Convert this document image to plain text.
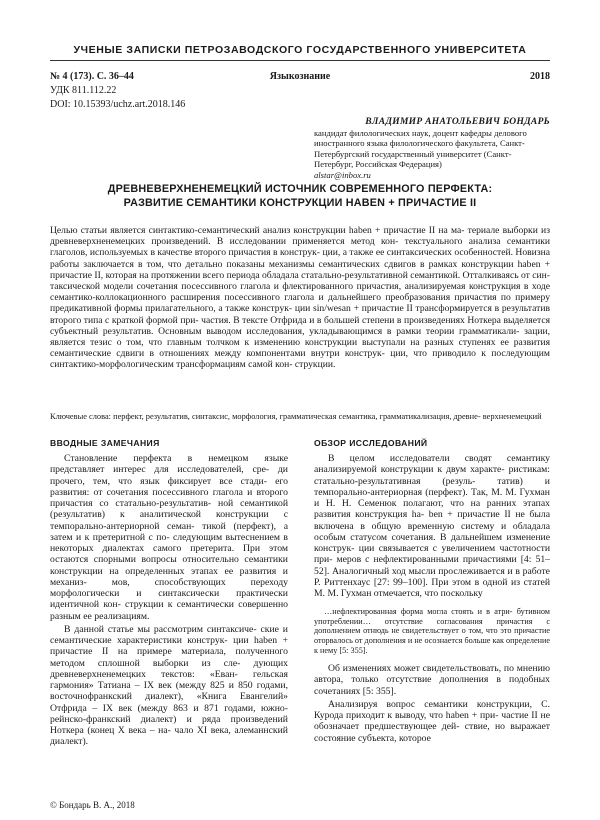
УЧЕНЫЕ ЗАПИСКИ ПЕТРОЗАВОДСКОГО ГОСУДАРСТВЕННОГО УНИВЕРСИТЕТА
№ 4 (173). С. 36–44	Языкознание	2018
УДК 811.112.22
DOI: 10.15393/uchz.art.2018.146
ВЛАДИМИР АНАТОЛЬЕВИЧ БОНДАРЬ
кандидат филологических наук, доцент кафедры делового
иностранного языка филологического факультета, Санкт-
Петербургский государственный университет (Санкт-
Петербург, Российская Федерация)
alstar@inbox.ru
ДРЕВНЕВЕРХНЕНЕМЕЦКИЙ ИСТОЧНИК СОВРЕМЕННОГО ПЕРФЕКТА:
РАЗВИТИЕ СЕМАНТИКИ КОНСТРУКЦИИ HABEN + ПРИЧАСТИЕ II

Целью статьи является синтактико-семантический анализ конструкции haben + причастие II на ма- териале выборки из древневерхненемецких произведений. В исследовании применяется метод кон- текстуального анализа семантики глаголов, используемых в качестве второго причастия в конструк- ции, а также ее синтаксических особенностей. Новизна работы заключается в том, что детально показаны механизмы семантических сдвигов в рамках конструкции haben + причастие II, которая на протяжении всего периода обладала статально-результативной семантикой. Отталкиваясь от син- таксической модели сочетания посессивного глагола и флектированного причастия, анализируемая конструкция в ходе семантико-коллокационного расширения посессивного глагола и дальнейшего преобразования причастия по примеру предикативной формы прилагательного, а также конструк- ции sin/wesan + причастие II трансформируется в результатив второго типа с краткой формой при- частия. В тексте Отфрида и в большей степени в произведениях Ноткера выделяется субъектный результатив. Основным выводом исследования, укладывающимся в рамки теории грамматикали- зации, является тезис о том, что главным толчком к изменению конструкции выступали на разных ступенях ее развития семантические сдвиги в отношениях между компонентами внутри конструк- ции, что приводило к последующим синтактико-морфологическим трансформациям самой кон- струкции.

Ключевые слова: перфект, результатив, синтаксис, морфология, грамматическая семантика, грамматикализация, древне- верхненемецкий

ВВОДНЫЕ ЗАМЕЧАНИЯ

Становление перфекта в немецком языке представляет интерес для исследователей, сре- ди прочего, тем, что язык фиксирует все стади- его развития: от сочетания посессивного глагола и второго причастия со статально-результатив- ной семантикой (результатив) к аналитической конструкции с темпорально-антериорной семан- тикой (перфект), а затем и к претеритной с по- следующим вытеснением в некоторых диалектах самого претерита. При этом остаются спорными вопросы относительно семантики конструкции на определенных этапах ее развития и механиз-	мов, способствующих переходу морфологически и синтаксически практически идентичной кон- струкции к семантически совершенно разным ее реализациям.

В данной статье мы рассмотрим синтаксиче- ские и семантические характеристики конструк- ции haben + причастие II на примере материала, полученного методом сплошной выборки из сле- дующих древневерхненемецких текстов: «Еван- гельская гармония» Татиана – IX век (между 825 и 850 годами, восточнофранкский диалект), «Книга Евангелий» Отфрида – IX век (между 863 и 871 годами, южно-рейнско-франкский диалект) и ряда произведений Ноткера (конец X века – на- чало XI века, алеманнский диалект).

ОБЗОР ИССЛЕДОВАНИЙ

В целом исследователи сводят семантику анализируемой конструкции к двум характе- ристикам: статально-результативная (резуль- татив) и темпорально-антериорная (перфект). Так, М. М. Гухман и Н. Н. Семенюк полагают, что на ранних этапах развития конструкция ha- ben + причастие II не была включена в общую временную систему и обладала особым статусом сочетания. В дальнейшем изменение конструк- ции связывается с увеличением частотности при- меров с нефлектированными причастиями [4: 51–52]. Аналогичный ход мысли прослеживается и в работе Р. Риттенхаус [27: 99–100]. При этом в одной из статей М. М. Гухман отмечается, что поскольку

…нефлектированная форма могла стоять и в атри- бутивном употреблении… отсутствие согласования причастия с дополнением отнюдь не свидетельствует о том, что это причастие оторвалось от дополнения и не осознается больше как определение к нему [5: 355].

Об изменениях может свидетельствовать, по мнению автора, только отсутствие дополнения в подобных сочетаниях [5: 355].

Анализируя вопрос семантики конструкции, С. Курода приходит к выводу, что haben + при- частие II не обозначает предшествующее дей- ствие, но выражает состояние субъекта, которое

© Бондарь В. А., 2018
